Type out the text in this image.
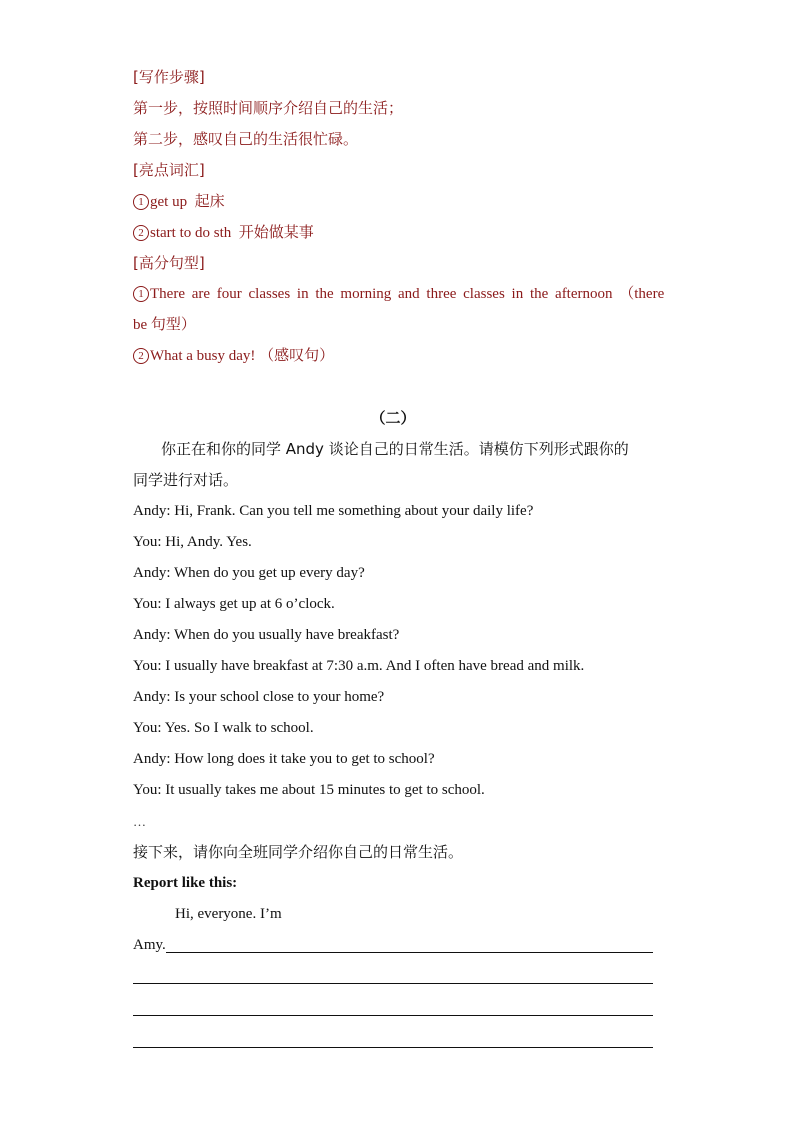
[写作步骤]
第一步，按照时间顺序介绍自己的生活；
第二步，感叹自己的生活很忙碌。
[亮点词汇]
1 get up 起床
2 start to do sth 开始做某事
[高分句型]
1 There are four classes in the morning and three classes in the afternoon （there
be 句型）
2 What a busy day! （感叹句）
（二）
你正在和你的同学 Andy 谈论自己的日常生活。请模仿下列形式跟你的
同学进行对话。
Andy: Hi, Frank. Can you tell me something about your daily life?
You: Hi, Andy. Yes.
Andy: When do you get up every day?
You: I always get up at 6 o’clock.
Andy: When do you usually have breakfast?
You: I usually have breakfast at 7:30 a.m. And I often have bread and milk.
Andy: Is your school close to your home?
You: Yes. So I walk to school.
Andy: How long does it take you to get to school?
You: It usually takes me about 15 minutes to get to school.
…
接下来，请你向全班同学介绍你自己的日常生活。
Report like this:
Hi, everyone. I’m
Amy.
